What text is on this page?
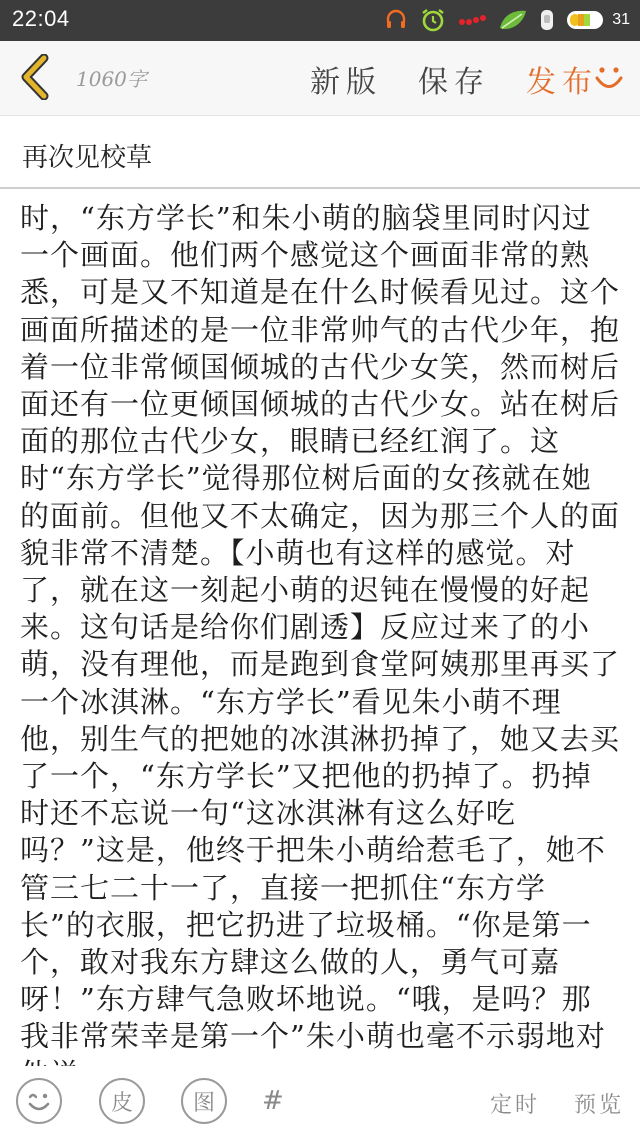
22:04	31
1060字	新版 保存 发布
再次见校草

时，“东方学长”和朱小萌的脑袋里同时闪过一个画面。他们两个感觉这个画面非常的熟悉，可是又不知道是在什么时候看见过。这个画面所描述的是一位非常帅气的古代少年，抱着一位非常倾国倾城的古代少女笑，然而树后面还有一位更倾国倾城的古代少女。站在树后面的那位古代少女，眼睛已经红润了。这时“东方学长”觉得那位树后面的女孩就在她的面前。但他又不太确定，因为那三个人的面貌非常不清楚。【小萌也有这样的感觉。对了，就在这一刻起小萌的迟钝在慢慢的好起来。这句话是给你们剧透】反应过来了的小萌，没有理他，而是跑到食堂阿姨那里再买了一个冰淇淋。“东方学长”看见朱小萌不理他，别生气的把她的冰淇淋扔掉了，她又去买了一个，“东方学长”又把他的扔掉了。扔掉时还不忘说一句“这冰淇淋有这么好吃吗？”这是，他终于把朱小萌给惹毛了，她不管三七二十一了，直接一把抓住“东方学长”的衣服，把它扔进了垃圾桶。“你是第一个，敢对我东方肆这么做的人，勇气可嘉呀！”东方肆气急败坏地说。“哦，是吗？那我非常荣幸是第一个”朱小萌也毫不示弱地对

皮	图 #	定时 预览
